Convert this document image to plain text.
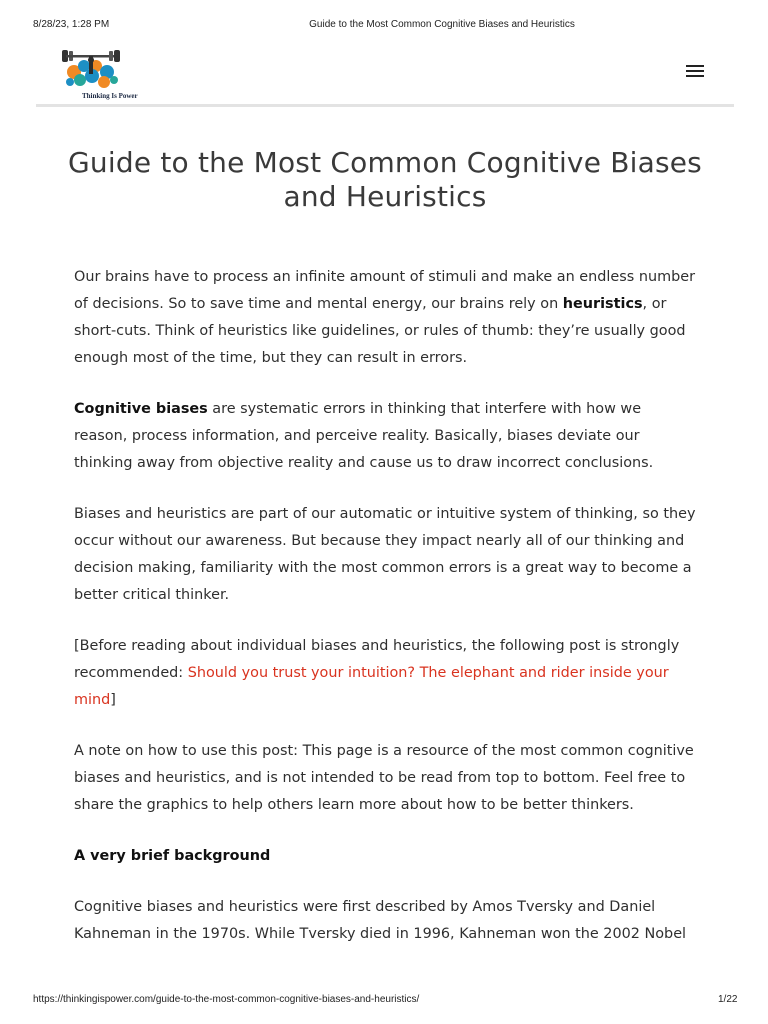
8/28/23, 1:28 PM	Guide to the Most Common Cognitive Biases and Heuristics
Thinking Is Power
Guide to the Most Common Cognitive Biases and Heuristics

Our brains have to process an infinite amount of stimuli and make an endless number of decisions. So to save time and mental energy, our brains rely on heuristics, or short-cuts. Think of heuristics like guidelines, or rules of thumb: they’re usually good enough most of the time, but they can result in errors.

Cognitive biases are systematic errors in thinking that interfere with how we reason, process information, and perceive reality. Basically, biases deviate our thinking away from objective reality and cause us to draw incorrect conclusions.

Biases and heuristics are part of our automatic or intuitive system of thinking, so they occur without our awareness. But because they impact nearly all of our thinking and decision making, familiarity with the most common errors is a great way to become a better critical thinker.

[Before reading about individual biases and heuristics, the following post is strongly recommended: Should you trust your intuition? The elephant and rider inside your mind]

A note on how to use this post: This page is a resource of the most common cognitive biases and heuristics, and is not intended to be read from top to bottom. Feel free to share the graphics to help others learn more about how to be better thinkers.

A very brief background

Cognitive biases and heuristics were first described by Amos Tversky and Daniel Kahneman in the 1970s. While Tversky died in 1996, Kahneman won the 2002 Nobel

https://thinkingispower.com/guide-to-the-most-common-cognitive-biases-and-heuristics/	1/22
